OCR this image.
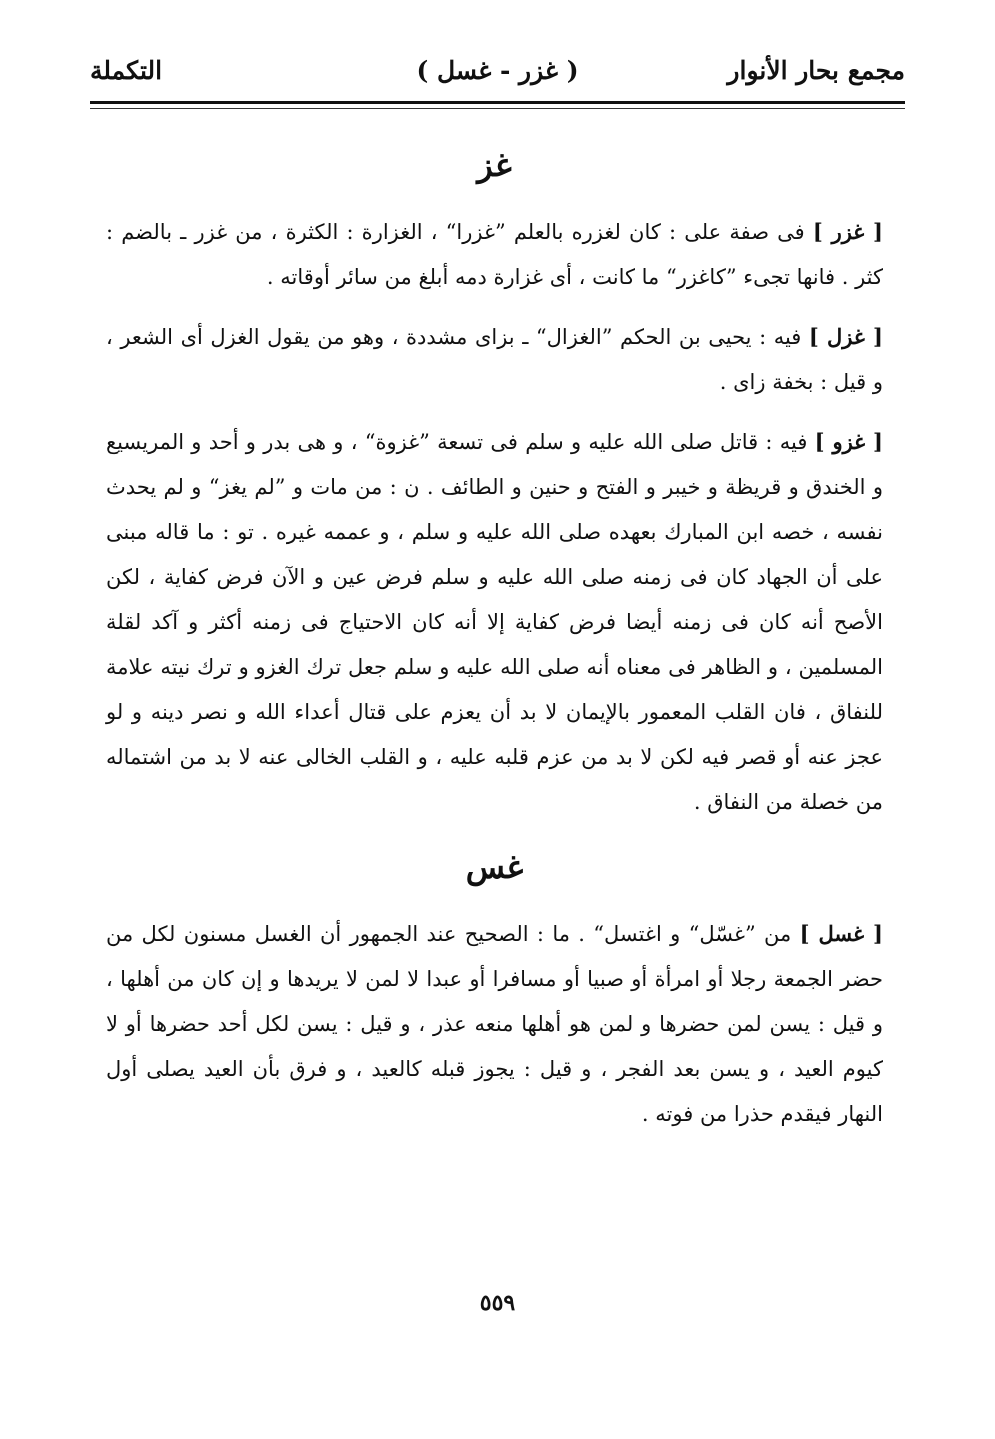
مجمع بحار الأنوار
( غزر - غسل )
التكملة
غز

[ غزر ] فى صفة على : كان لغزره بالعلم ”غزرا“ ، الغزارة : الكثرة ، من غزر ـ بالضم : كثر . فانها تجىء ”كاغزر“ ما كانت ، أى غزارة دمه أبلغ من سائر أوقاته .

[ غزل ] فيه : يحيى بن الحكم ”الغزال“ ـ بزاى مشددة ، وهو من يقول الغزل أى الشعر ، و قيل : بخفة زاى .

[ غزو ] فيه : قاتل صلى الله عليه و سلم فى تسعة ”غزوة“ ، و هى بدر و أحد و المريسيع و الخندق و قريظة و خيبر و الفتح و حنين و الطائف . ن : من مات و ”لم يغز“ و لم يحدث نفسه ، خصه ابن المبارك بعهده صلى الله عليه و سلم ، و عممه غيره . تو : ما قاله مبنى على أن الجهاد كان فى زمنه صلى الله عليه و سلم فرض عين و الآن فرض كفاية ، لكن الأصح أنه كان فى زمنه أيضا فرض كفاية إلا أنه كان الاحتياج فى زمنه أكثر و آكد لقلة المسلمين ، و الظاهر فى معناه أنه صلى الله عليه و سلم جعل ترك الغزو و ترك نيته علامة للنفاق ، فان القلب المعمور بالإيمان لا بد أن يعزم على قتال أعداء الله و نصر دينه و لو عجز عنه أو قصر فيه لكن لا بد من عزم قلبه عليه ، و القلب الخالى عنه لا بد من اشتماله من خصلة من النفاق .

غس

[ غسل ] من ”غسّل“ و اغتسل“ . ما : الصحيح عند الجمهور أن الغسل مسنون لكل من حضر الجمعة رجلا أو امرأة أو صبيا أو مسافرا أو عبدا لا لمن لا يريدها و إن كان من أهلها ، و قيل : يسن لمن حضرها و لمن هو أهلها منعه عذر ، و قيل : يسن لكل أحد حضرها أو لا كيوم العيد ، و يسن بعد الفجر ، و قيل : يجوز قبله كالعيد ، و فرق بأن العيد يصلى أول النهار فيقدم حذرا من فوته .

٥٥٩
